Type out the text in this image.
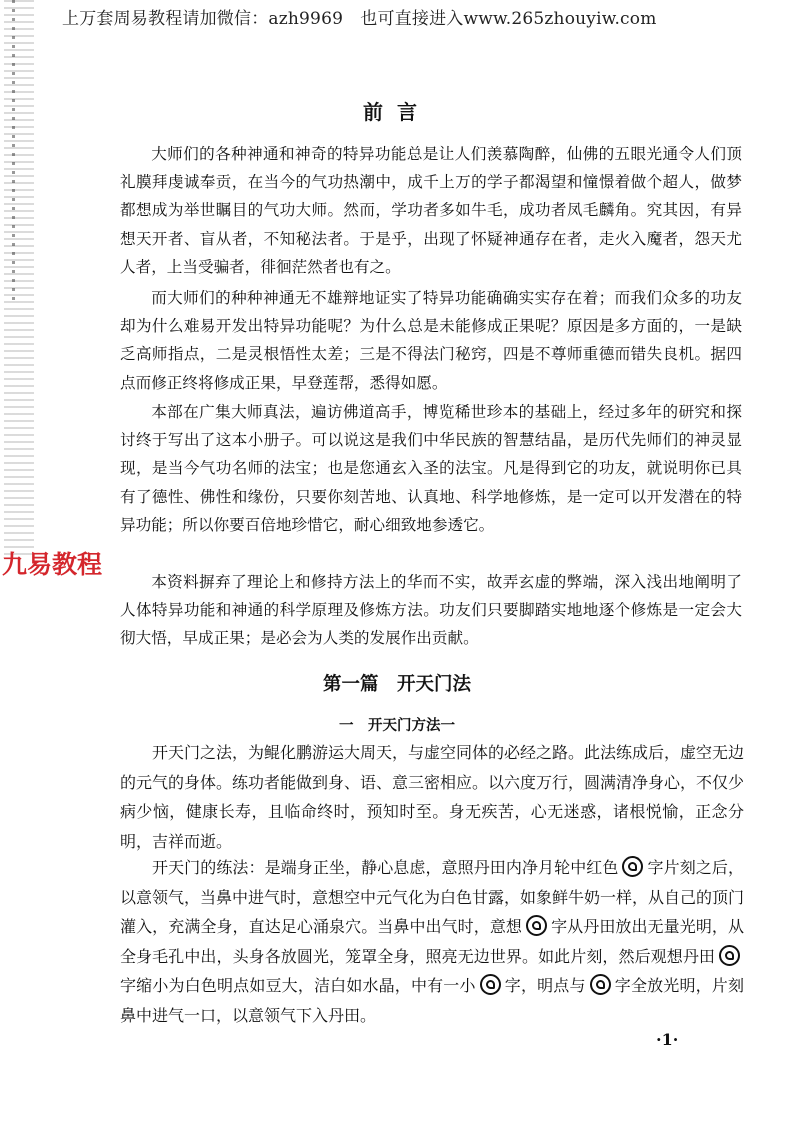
上万套周易教程请加微信：azh9969　也可直接进入www.265zhouyiw.com
前言

大师们的各种神通和神奇的特异功能总是让人们羡慕陶醉，仙佛的五眼光通令人们顶礼膜拜虔诚奉贡，在当今的气功热潮中，成千上万的学子都渴望和憧憬着做个超人，做梦都想成为举世瞩目的气功大师。然而，学功者多如牛毛，成功者凤毛麟角。究其因，有异想天开者、盲从者，不知秘法者。于是乎，出现了怀疑神通存在者，走火入魔者，怨天尤人者，上当受骗者，徘徊茫然者也有之。

而大师们的种种神通无不雄辩地证实了特异功能确确实实存在着；而我们众多的功友却为什么难易开发出特异功能呢？为什么总是未能修成正果呢？原因是多方面的，一是缺乏高师指点，二是灵根悟性太差；三是不得法门秘窍，四是不尊师重德而错失良机。据四点而修正终将修成正果，早登莲帮，悉得如愿。

本部在广集大师真法，遍访佛道高手，博览稀世珍本的基础上，经过多年的研究和探讨终于写出了这本小册子。可以说这是我们中华民族的智慧结晶，是历代先师们的神灵显现，是当今气功名师的法宝；也是您通玄入圣的法宝。凡是得到它的功友，就说明你已具有了德性、佛性和缘份，只要你刻苦地、认真地、科学地修炼，是一定可以开发潜在的特异功能；所以你要百倍地珍惜它，耐心细致地参透它。

本资料摒弃了理论上和修持方法上的华而不实，故弄玄虚的弊端，深入浅出地阐明了人体特异功能和神通的科学原理及修炼方法。功友们只要脚踏实地地逐个修炼是一定会大彻大悟，早成正果；是必会为人类的发展作出贡献。

九易教程
第一篇　开天门法
一　开天门方法一

开天门之法，为鲲化鹏游运大周天，与虚空同体的必经之路。此法练成后，虚空无边的元气的身体。练功者能做到身、语、意三密相应。以六度万行，圆满清净身心，不仅少病少恼，健康长寿，且临命终时，预知时至。身无疾苦，心无迷惑，诸根悦愉，正念分明，吉祥而逝。

开天门的练法：是端身正坐，静心息虑，意照丹田内净月轮中红色 字片刻之后，以意领气，当鼻中进气时，意想空中元气化为白色甘露，如象鲜牛奶一样，从自己的顶门灌入，充满全身，直达足心涌泉穴。当鼻中出气时，意想 字从丹田放出无量光明，从全身毛孔中出，头身各放圆光，笼罩全身，照亮无边世界。如此片刻，然后观想丹田字缩小为白色明点如豆大，洁白如水晶，中有一小 字，明点与 字全放光明，片刻鼻中进气一口，以意领气下入丹田。

·1·
